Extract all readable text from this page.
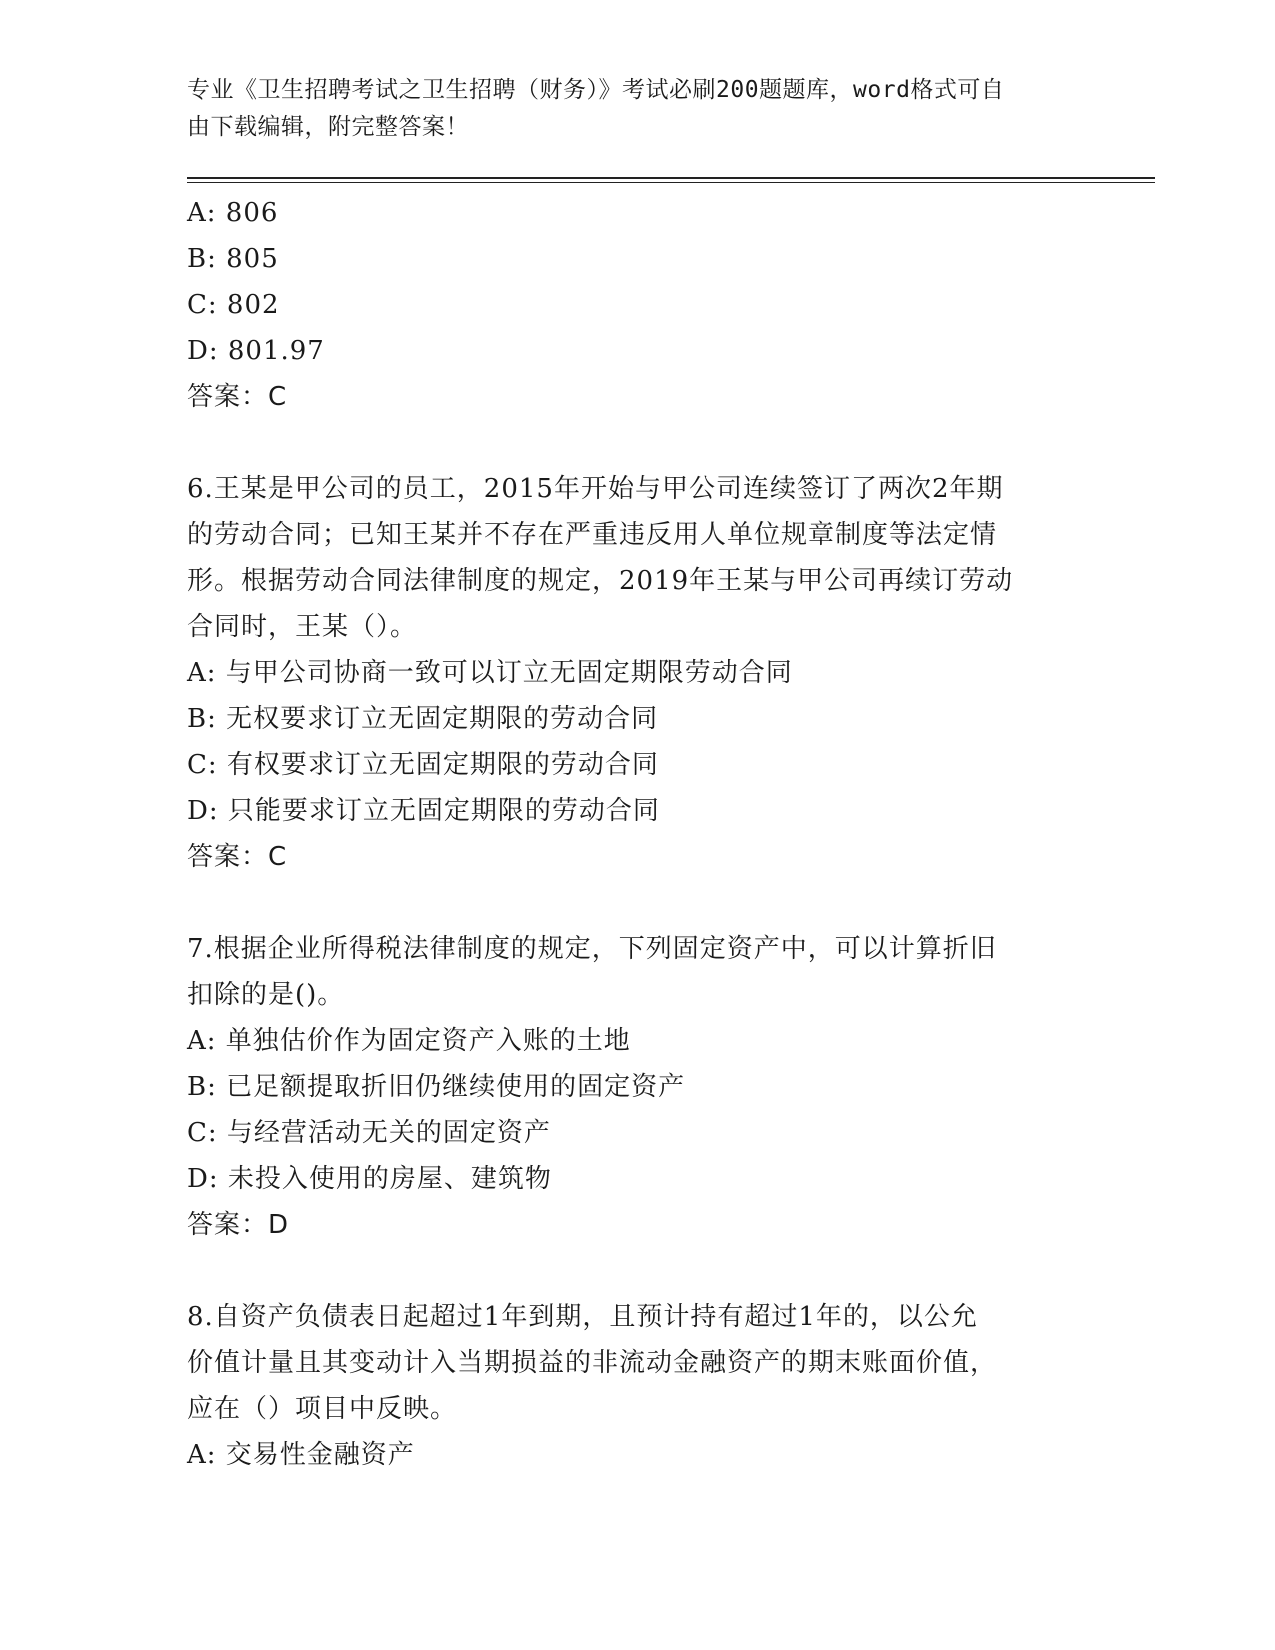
专业《卫生招聘考试之卫生招聘（财务）》考试必刷200题题库，word格式可自
由下载编辑，附完整答案！
A: 806
B: 805
C: 802
D: 801.97
答案：C
6.王某是甲公司的员工，2015年开始与甲公司连续签订了两次2年期
的劳动合同；已知王某并不存在严重违反用人单位规章制度等法定情
形。根据劳动合同法律制度的规定，2019年王某与甲公司再续订劳动
合同时，王某（）。
A: 与甲公司协商一致可以订立无固定期限劳动合同
B: 无权要求订立无固定期限的劳动合同
C: 有权要求订立无固定期限的劳动合同
D: 只能要求订立无固定期限的劳动合同
答案：C
7.根据企业所得税法律制度的规定，下列固定资产中，可以计算折旧
扣除的是()。
A: 单独估价作为固定资产入账的土地
B: 已足额提取折旧仍继续使用的固定资产
C: 与经营活动无关的固定资产
D: 未投入使用的房屋、建筑物
答案：D
8.自资产负债表日起超过1年到期，且预计持有超过1年的，以公允
价值计量且其变动计入当期损益的非流动金融资产的期末账面价值，
应在（）项目中反映。
A: 交易性金融资产
